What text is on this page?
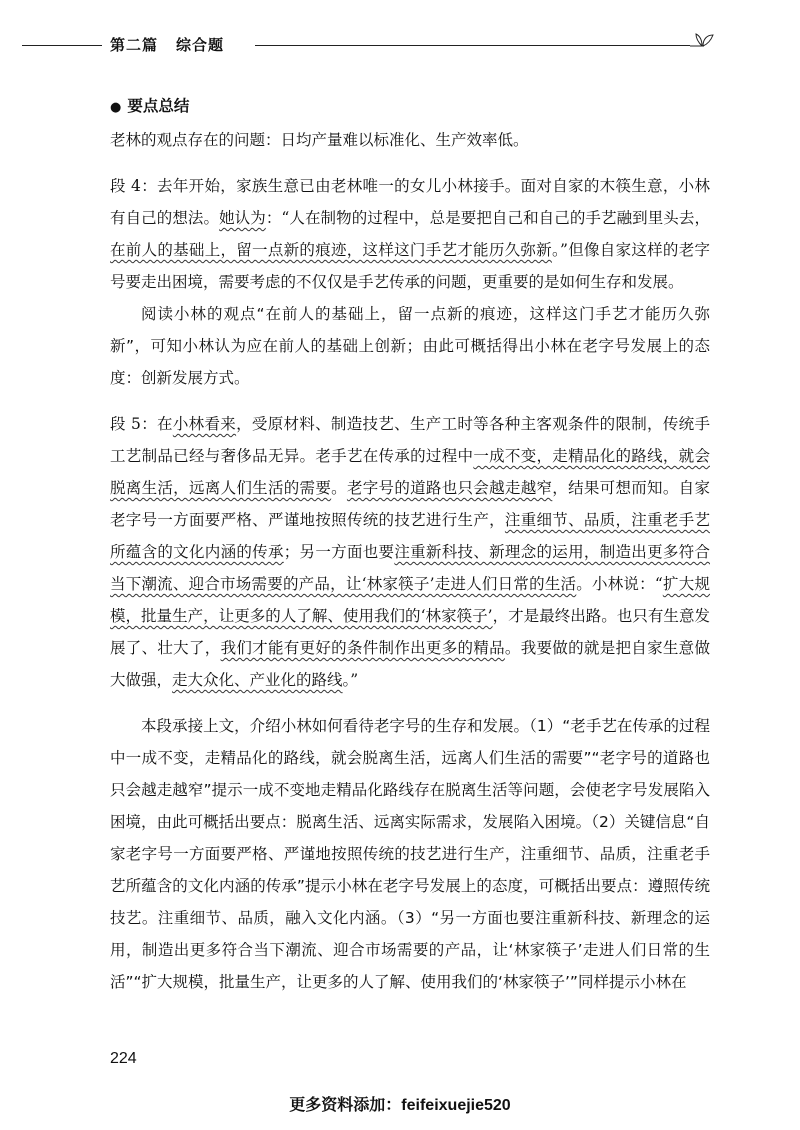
第二篇 综合题

● 要点总结

老林的观点存在的问题：日均产量难以标准化、生产效率低。

段 4：去年开始，家族生意已由老林唯一的女儿小林接手。面对自家的木筷生意，小林有自己的想法。她认为：“人在制物的过程中，总是要把自己和自己的手艺融到里头去，在前人的基础上，留一点新的痕迹，这样这门手艺才能历久弥新。”但像自家这样的老字号要走出困境，需要考虑的不仅仅是手艺传承的问题，更重要的是如何生存和发展。

阅读小林的观点“在前人的基础上，留一点新的痕迹，这样这门手艺才能历久弥新”，可知小林认为应在前人的基础上创新；由此可概括得出小林在老字号发展上的态度：创新发展方式。

段 5：在小林看来，受原材料、制造技艺、生产工时等各种主客观条件的限制，传统手工艺制品已经与奢侈品无异。老手艺在传承的过程中一成不变，走精品化的路线，就会脱离生活，远离人们生活的需要。老字号的道路也只会越走越窄，结果可想而知。自家老字号一方面要严格、严谨地按照传统的技艺进行生产，注重细节、品质，注重老手艺所蕴含的文化内涵的传承；另一方面也要注重新科技、新理念的运用，制造出更多符合当下潮流、迎合市场需要的产品，让‘林家筷子’走进人们日常的生活。小林说：“扩大规模，批量生产，让更多的人了解、使用我们的‘林家筷子’，才是最终出路。也只有生意发展了、壮大了，我们才能有更好的条件制作出更多的精品。我要做的就是把自家生意做大做强，走大众化、产业化的路线。”

本段承接上文，介绍小林如何看待老字号的生存和发展。（1）“老手艺在传承的过程中一成不变，走精品化的路线，就会脱离生活，远离人们生活的需要”“老字号的道路也只会越走越窄”提示一成不变地走精品化路线存在脱离生活等问题，会使老字号发展陷入困境，由此可概括出要点：脱离生活、远离实际需求，发展陷入困境。（2）关键信息“自家老字号一方面要严格、严谨地按照传统的技艺进行生产，注重细节、品质，注重老手艺所蕴含的文化内涵的传承”提示小林在老字号发展上的态度，可概括出要点：遵照传统技艺。注重细节、品质，融入文化内涵。（3）“另一方面也要注重新科技、新理念的运用，制造出更多符合当下潮流、迎合市场需要的产品，让‘林家筷子’走进人们日常的生活”“扩大规模，批量生产，让更多的人了解、使用我们的‘林家筷子’”同样提示小林在

224
更多资料添加：feifeixuejie520
